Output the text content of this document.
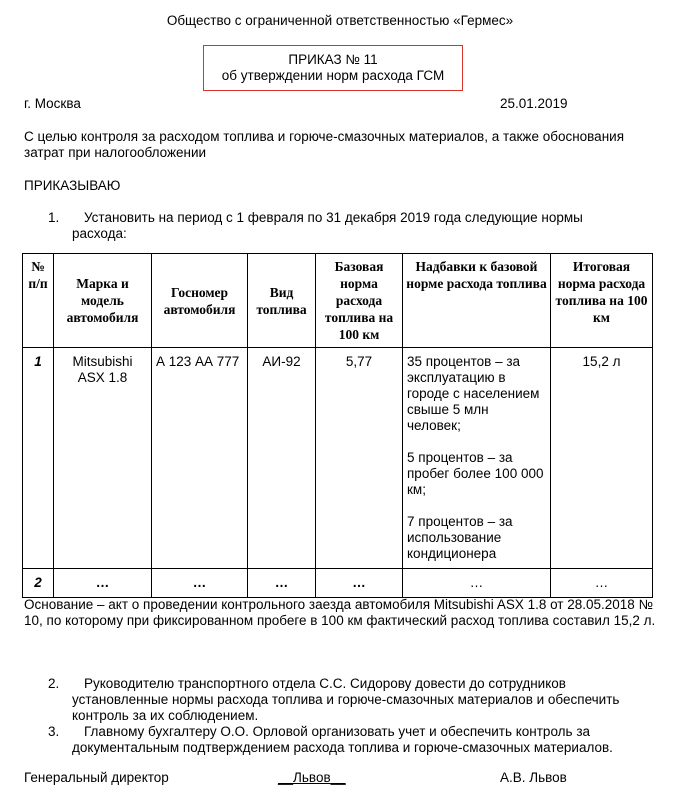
Общество с ограниченной ответственностью «Гермес»
ПРИКАЗ № 11
об утверждении норм расхода ГСМ
г. Москва	25.01.2019
С целью контроля за расходом топлива и горюче-смазочных материалов, а также обоснования затрат при налогообложении
ПРИКАЗЫВАЮ
1. Установить на период с 1 февраля по 31 декабря 2019 года следующие нормы
расхода:
№ п/п	Марка и модель автомобиля	Госномер автомобиля	Вид топлива	Базовая норма расхода топлива на 100 км	Надбавки к базовой норме расхода топлива	Итоговая норма расхода топлива на 100 км
1	Mitsubishi ASX 1.8	А 123 АА 777	АИ-92	5,77	35 процентов – за эксплуатацию в городе с населением свыше 5 млн человек;
5 процентов – за пробег более 100 000 км;
7 процентов – за использование кондиционера	15,2 л
2	…	…	…	…	…	…
Основание – акт о проведении контрольного заезда автомобиля Mitsubishi ASX 1.8 от 28.05.2018 № 10, по которому при фиксированном пробеге в 100 км фактический расход топлива составил 15,2 л.
2. Руководителю транспортного отдела С.С. Сидорову довести до сотрудников

установленные нормы расхода топлива и горюче-смазочных материалов и обеспечить контроль за их соблюдением.
3. Главному бухгалтеру О.О. Орловой организовать учет и обеспечить контроль за
документальным подтверждением расхода топлива и горюче-смазочных материалов.
Генеральный директор	__Львов__	А.В. Львов
